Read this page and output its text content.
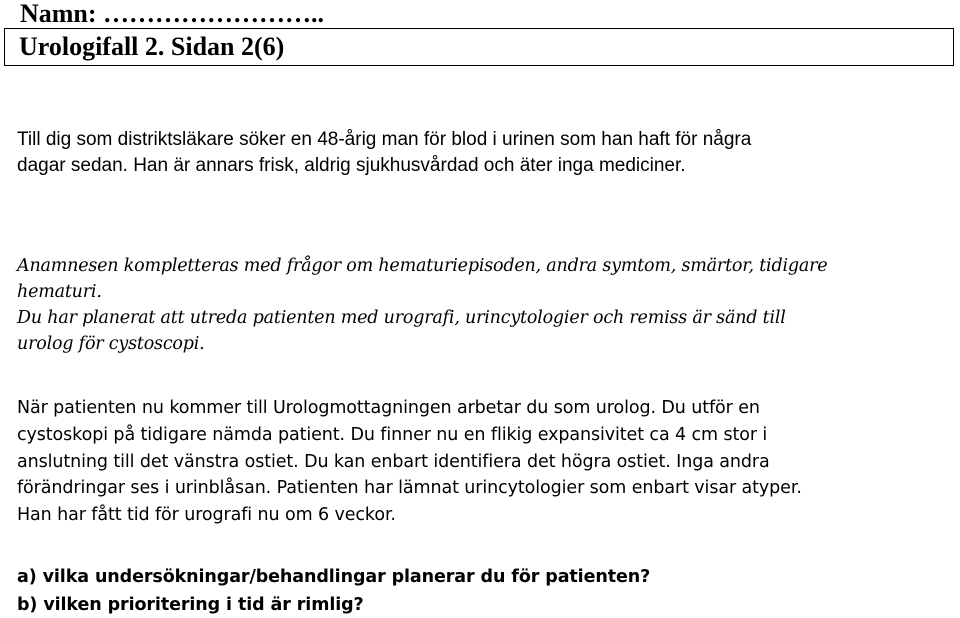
Namn: ……………………..
Urologifall 2. Sidan 2(6)

Till dig som distriktsläkare söker en 48-årig man för blod i urinen som han haft för några
dagar sedan. Han är annars frisk, aldrig sjukhusvårdad och äter inga mediciner.

Anamnesen kompletteras med frågor om hematuriepisoden, andra symtom, smärtor, tidigare
hematuri.
Du har planerat att utreda patienten med urografi, urincytologier och remiss är sänd till
urolog för cystoscopi.

När patienten nu kommer till Urologmottagningen arbetar du som urolog. Du utför en
cystoskopi på tidigare nämda patient. Du finner nu en flikig expansivitet ca 4 cm stor i
anslutning till det vänstra ostiet. Du kan enbart identifiera det högra ostiet. Inga andra
förändringar ses i urinblåsan. Patienten har lämnat urincytologier som enbart visar atyper.
Han har fått tid för urografi nu om 6 veckor.

a) vilka undersökningar/behandlingar planerar du för patienten?
b) vilken prioritering i tid är rimlig?
